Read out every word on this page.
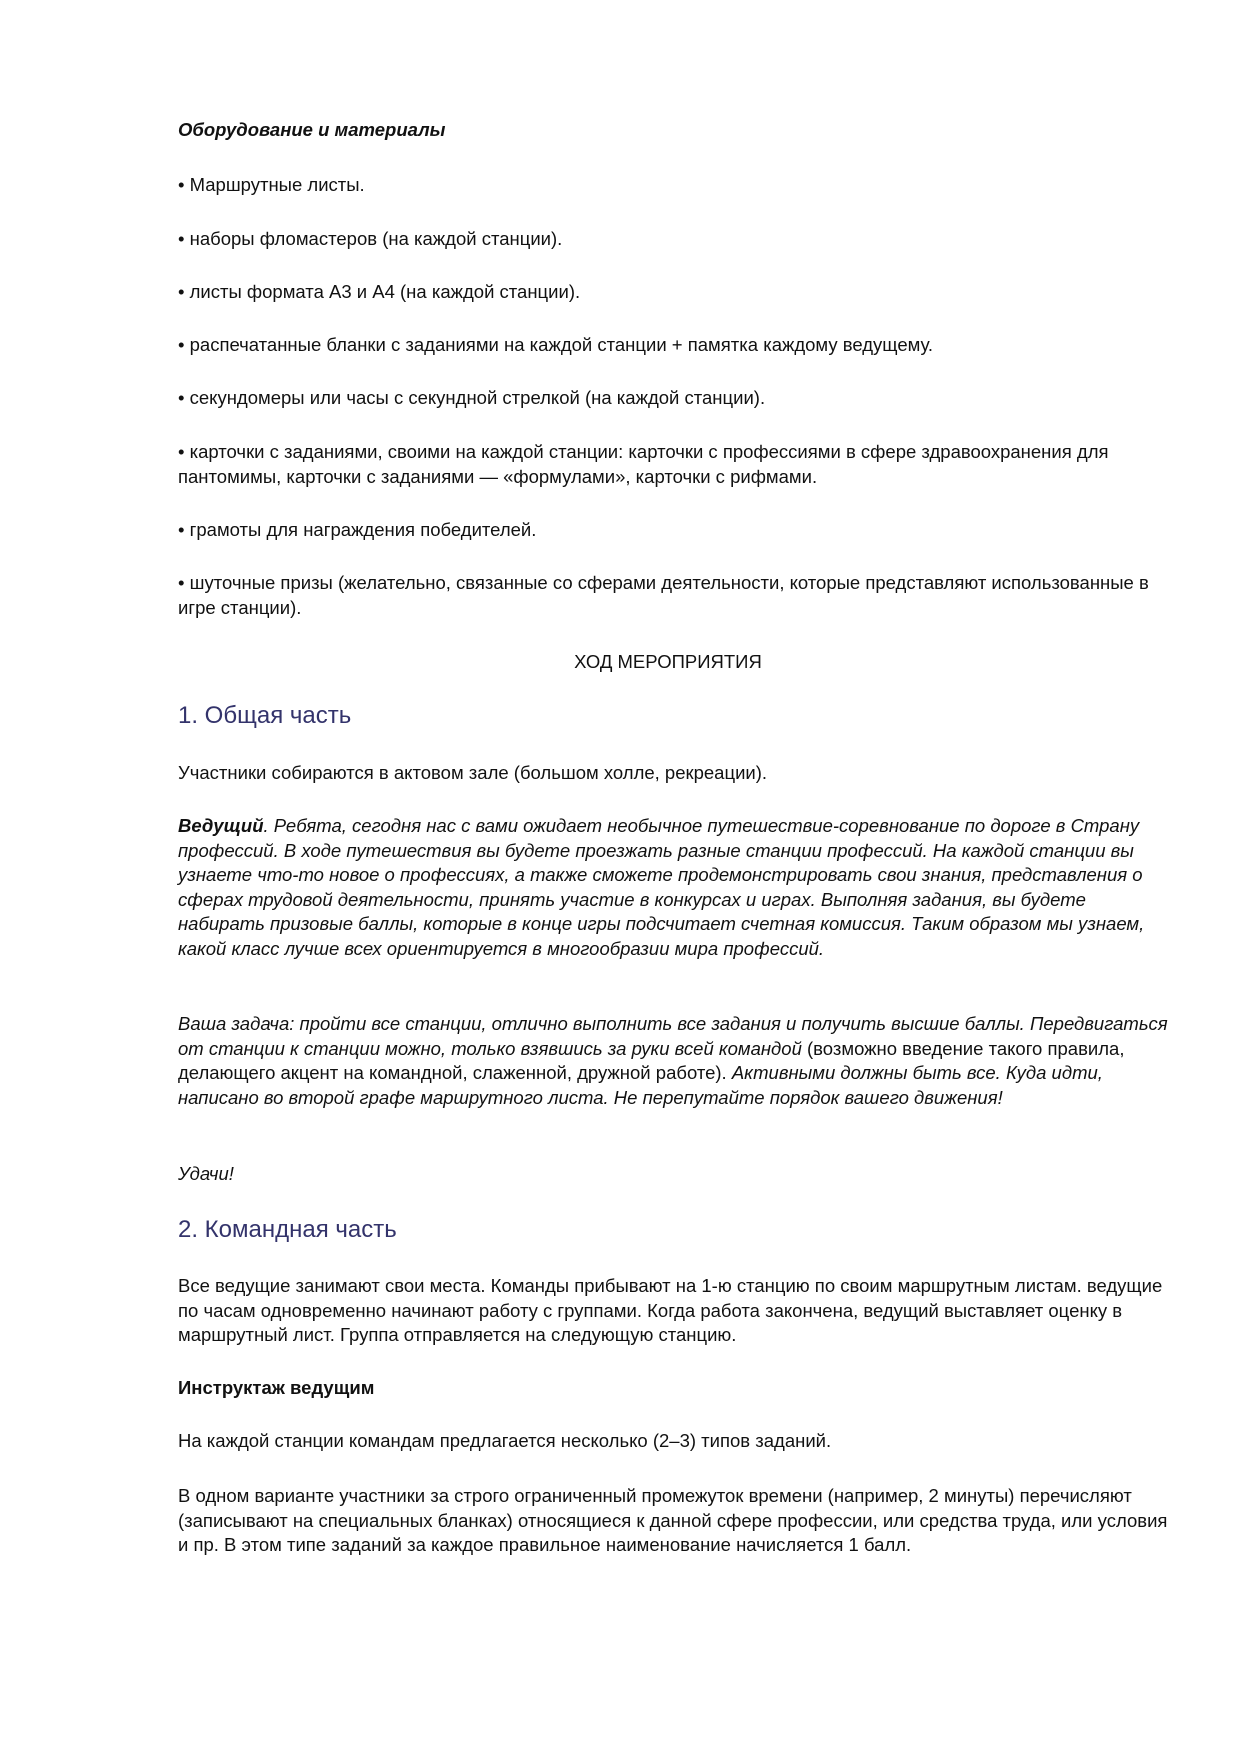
Оборудование и материалы
• Маршрутные листы.
• наборы фломастеров (на каждой станции).
• листы формата А3 и А4 (на каждой станции).
• распечатанные бланки с заданиями на каждой станции + памятка каждому ведущему.
• секундомеры или часы с секундной стрелкой (на каждой станции).
• карточки с заданиями, своими на каждой станции: карточки с профессиями в сфере здравоохранения для пантомимы, карточки с заданиями — «формулами», карточки с рифмами.
• грамоты для награждения победителей.
• шуточные призы (желательно, связанные со сферами деятельности, которые представляют использованные в игре станции).
ХОД МЕРОПРИЯТИЯ
1. Общая часть
Участники собираются в актовом зале (большом холле, рекреации).
Ведущий. Ребята, сегодня нас с вами ожидает необычное путешествие-соревнование по дороге в Страну профессий. В ходе путешествия вы будете проезжать разные станции профессий. На каждой станции вы узнаете что-то новое о профессиях, а также сможете продемонстрировать свои знания, представления о сферах трудовой деятельности, принять участие в конкурсах и играх. Выполняя задания, вы будете набирать призовые баллы, которые в конце игры подсчитает счетная комиссия. Таким образом мы узнаем, какой класс лучше всех ориентируется в многообразии мира профессий.
Ваша задача: пройти все станции, отлично выполнить все задания и получить высшие баллы. Передвигаться от станции к станции можно, только взявшись за руки всей командой (возможно введение такого правила, делающего акцент на командной, слаженной, дружной работе). Активными должны быть все. Куда идти, написано во второй графе маршрутного листа. Не перепутайте порядок вашего движения!
Удачи!
2. Командная часть
Все ведущие занимают свои места. Команды прибывают на 1-ю станцию по своим маршрутным листам. ведущие по часам одновременно начинают работу с группами. Когда работа закончена, ведущий выставляет оценку в маршрутный лист. Группа отправляется на следующую станцию.
Инструктаж ведущим
На каждой станции командам предлагается несколько (2–3) типов заданий.
В одном варианте участники за строго ограниченный промежуток времени (например, 2 минуты) перечисляют (записывают на специальных бланках) относящиеся к данной сфере профессии, или средства труда, или условия и пр. В этом типе заданий за каждое правильное наименование начисляется 1 балл.
